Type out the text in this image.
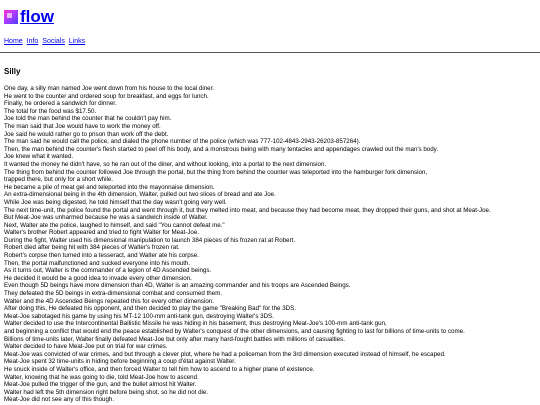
flow
Home Info Socials Links
Silly

One day, a silly man named Joe went down from his house to the local diner.

He went to the counter and ordered soup for breakfast, and eggs for lunch.

Finally, he ordered a sandwich for dinner.

The total for the food was $17.50.

Joe told the man behind the counter that he couldn't pay him.

The man said that Joe would have to work the money off.

Joe said he would rather go to prison than work off the debt.

The man said he would call the police, and dialed the phone number of the police (which was 777-102-4843-2943-26203-857264).

Then, the man behind the counter's flesh started to peel off his body, and a monstrous being with many tentacles and appendages crawled out the man's body.

Joe knew what it wanted.

It wanted the money he didn't have, so he ran out of the diner, and without looking, into a portal to the next dimension.

The thing from behind the counter followed Joe through the portal, but the thing from behind the counter was teleported into the hamburger fork dimension,

trapped there, but only for a short while.

He became a pile of meat gel and teleported into the mayonnaise dimension.

An extra-dimensional being in the 4th dimension, Walter, pulled out two slices of bread and ate Joe.

While Joe was being digested, he told himself that the day wasn't going very well.

The next time-unit, the police found the portal and went through it, but they melted into meat, and because they had become meat, they dropped their guns, and shot at Meat-Joe.

But Meat-Joe was unharmed because he was a sandwich inside of Walter.

Next, Walter ate the police, laughed to himself, and said "You cannot defeat me."

Walter's brother Robert appeared and tried to fight Walter for Meat-Joe.

During the fight, Walter used his dimensional manipulation to launch 384 pieces of his frozen rat at Robert.

Robert died after being hit with 384 pieces of Walter's frozen rat.

Robert's corpse then turned into a tesseract, and Walter ate his corpse.

Then, the portal malfunctioned and sucked everyone into his mouth.

As it turns out, Walter is the commander of a legion of 4D Ascended beings.

He decided it would be a good idea to invade every other dimension.

Even though 5D beings have more dimension than 4D, Walter is an amazing commander and his troops are Ascended Beings.

They defeated the 5D beings in extra-dimensional combat and consumed them.

Walter and the 4D Ascended Beings repeated this for every other dimension.

After doing this, He defeated his opponent, and then decided to play the game "Breaking Bad" for the 3DS.

Meat-Joe sabotaged his game by using his MT-12 100-mm anti-tank gun, destroying Walter's 3DS.

Walter decided to use the Intercontinental Ballistic Missile he was hiding in his basement, thus destroying Meat-Joe's 100-mm anti-tank gun,

and beginning a conflict that would end the peace established by Walter's conquest of the other dimensions, and causing fighting to last for billions of time-units to come.

Billions of time-units later, Walter finally defeated Meat-Joe but only after many hard-fought battles with millions of casualties.

Walter decided to have Meat-Joe put on trial for war crimes.

Meat-Joe was convicted of war crimes, and but through a clever plot, where he had a policeman from the 3rd dimension executed instead of himself, he escaped.

Meat-Joe spent 32 time-units in hiding before beginning a coup d'état against Walter.

He snuck inside of Walter's office, and then forced Walter to tell him how to ascend to a higher plane of existence.

Walter, knowing that he was going to die, told Meat-Joe how to ascend.

Meat-Joe pulled the trigger of the gun, and the bullet almost hit Walter.

Walter had left the 5th dimension right before being shot, so he did not die.

Meat-Joe did not see any of this though.
